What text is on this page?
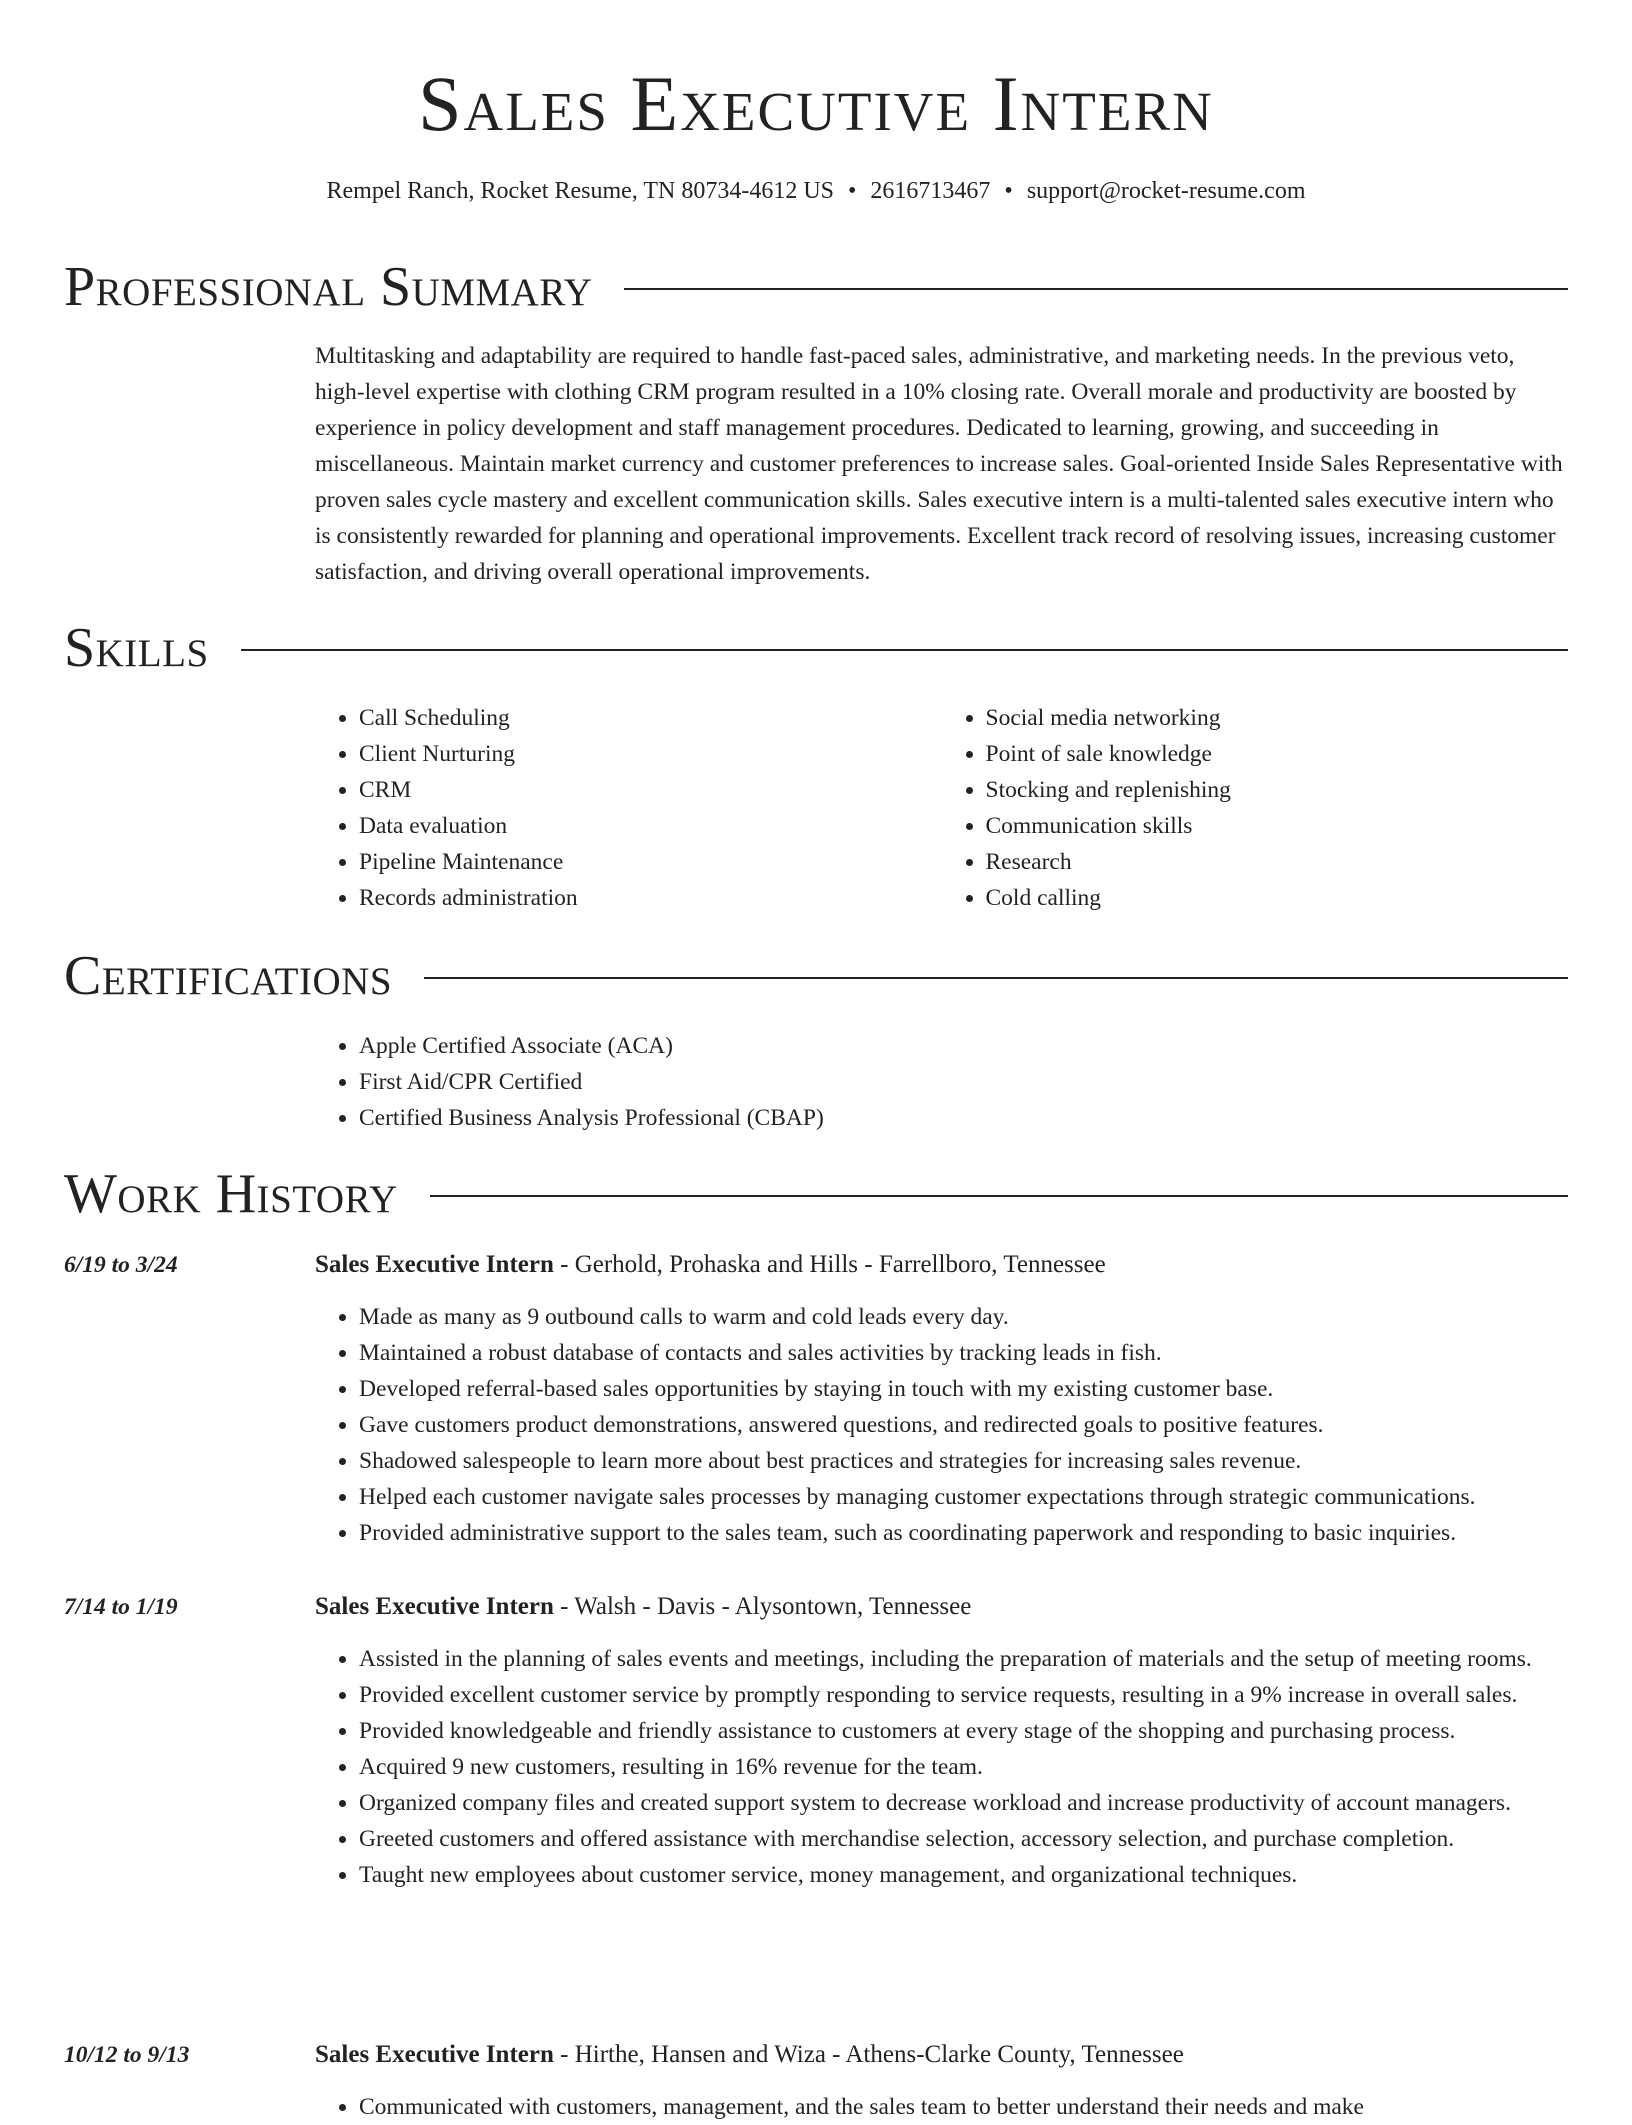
Sales Executive Intern
Rempel Ranch, Rocket Resume, TN 80734-4612 US • 2616713467 • support@rocket-resume.com
Professional Summary

Multitasking and adaptability are required to handle fast-paced sales, administrative, and marketing needs. In the previous veto, high-level expertise with clothing CRM program resulted in a 10% closing rate. Overall morale and productivity are boosted by experience in policy development and staff management procedures. Dedicated to learning, growing, and succeeding in miscellaneous. Maintain market currency and customer preferences to increase sales. Goal-oriented Inside Sales Representative with proven sales cycle mastery and excellent communication skills. Sales executive intern is a multi-talented sales executive intern who is consistently rewarded for planning and operational improvements. Excellent track record of resolving issues, increasing customer satisfaction, and driving overall operational improvements.

Skills
• Call Scheduling
• Client Nurturing
• CRM
• Data evaluation
• Pipeline Maintenance
• Records administration
• Social media networking
• Point of sale knowledge
• Stocking and replenishing
• Communication skills
• Research
• Cold calling
Certifications
• Apple Certified Associate (ACA)
• First Aid/CPR Certified
• Certified Business Analysis Professional (CBAP)
Work History
6/19 to 3/24	Sales Executive Intern - Gerhold, Prohaska and Hills - Farrellboro, Tennessee
• Made as many as 9 outbound calls to warm and cold leads every day.
• Maintained a robust database of contacts and sales activities by tracking leads in fish.
• Developed referral-based sales opportunities by staying in touch with my existing customer base.
• Gave customers product demonstrations, answered questions, and redirected goals to positive features.
• Shadowed salespeople to learn more about best practices and strategies for increasing sales revenue.
• Helped each customer navigate sales processes by managing customer expectations through strategic communications.
• Provided administrative support to the sales team, such as coordinating paperwork and responding to basic inquiries.
7/14 to 1/19	Sales Executive Intern - Walsh - Davis - Alysontown, Tennessee
• Assisted in the planning of sales events and meetings, including the preparation of materials and the setup of meeting rooms.
• Provided excellent customer service by promptly responding to service requests, resulting in a 9% increase in overall sales.
• Provided knowledgeable and friendly assistance to customers at every stage of the shopping and purchasing process.
• Acquired 9 new customers, resulting in 16% revenue for the team.
• Organized company files and created support system to decrease workload and increase productivity of account managers.
• Greeted customers and offered assistance with merchandise selection, accessory selection, and purchase completion.
• Taught new employees about customer service, money management, and organizational techniques.
10/12 to 9/13	Sales Executive Intern - Hirthe, Hansen and Wiza - Athens-Clarke County, Tennessee
• Communicated with customers, management, and the sales team to better understand their needs and make
